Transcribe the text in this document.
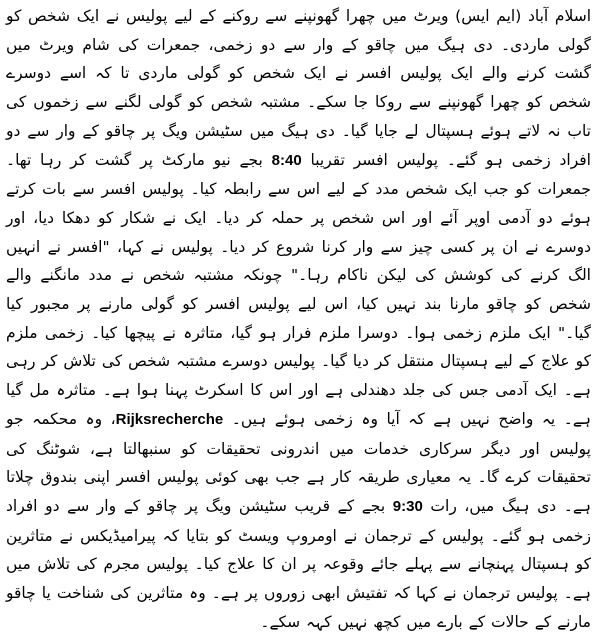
اسلام آباد (ایم ایس) ویرٹ میں چھرا گھونپنے سے روکنے کے لیے پولیس نے ایک شخص کو گولی ماردی۔ دی ہیگ میں چاقو کے وار سے دو زخمی، جمعرات کی شام ویرٹ میں گشت کرنے والے ایک پولیس افسر نے ایک شخص کو گولی ماردی تا کہ اسے دوسرے شخص کو چھرا گھونپنے سے روکا جا سکے۔ مشتبہ شخص کو گولی لگنے سے زخموں کی تاب نہ لاتے ہوئے ہسپتال لے جایا گیا۔ دی ہیگ میں سٹیشن ویگ پر چاقو کے وار سے دو افراد زخمی ہو گئے۔ پولیس افسر تقریبا 8:40 بجے نیو مارکٹ پر گشت کر رہا تھا۔ جمعرات کو جب ایک شخص مدد کے لیے اس سے رابطہ کیا۔ پولیس افسر سے بات کرتے ہوئے دو آدمی اوپر آئے اور اس شخص پر حملہ کر دیا۔ ایک نے شکار کو دھکا دیا، اور دوسرے نے ان پر کسی چیز سے وار کرنا شروع کر دیا۔ پولیس نے کہا، "افسر نے انہیں الگ کرنے کی کوشش کی لیکن ناکام رہا۔" چونکہ مشتبہ شخص نے مدد مانگنے والے شخص کو چاقو مارنا بند نہیں کیا، اس لیے پولیس افسر کو گولی مارنے پر مجبور کیا گیا۔" ایک ملزم زخمی ہوا۔ دوسرا ملزم فرار ہو گیا، متاثرہ نے پیچھا کیا۔ زخمی ملزم کو علاج کے لیے ہسپتال منتقل کر دیا گیا۔ پولیس دوسرے مشتبہ شخص کی تلاش کر رہی ہے۔ ایک آدمی جس کی جلد دھندلی ہے اور اس کا اسکرٹ پہنا ہوا ہے۔ متاثرہ مل گیا ہے۔ یہ واضح نہیں ہے کہ آیا وہ زخمی ہوئے ہیں۔ Rijksrecherche، وہ محکمہ جو پولیس اور دیگر سرکاری خدمات میں اندرونی تحقیقات کو سنبھالتا ہے، شوٹنگ کی تحقیقات کرے گا۔ یہ معیاری طریقہ کار ہے جب بھی کوئی پولیس افسر اپنی بندوق چلاتا ہے۔ دی ہیگ میں، رات 9:30 بجے کے قریب سٹیشن ویگ پر چاقو کے وار سے دو افراد زخمی ہو گئے۔ پولیس کے ترجمان نے اومروپ ویسٹ کو بتایا کہ پیرامیڈیکس نے متاثرین کو ہسپتال پہنچانے سے پہلے جائے وقوعہ پر ان کا علاج کیا۔ پولیس مجرم کی تلاش میں ہے۔ پولیس ترجمان نے کہا کہ تفتیش ابھی زوروں پر ہے۔ وہ متاثرین کی شناخت یا چاقو مارنے کے حالات کے بارے میں کچھ نہیں کہہ سکے۔
